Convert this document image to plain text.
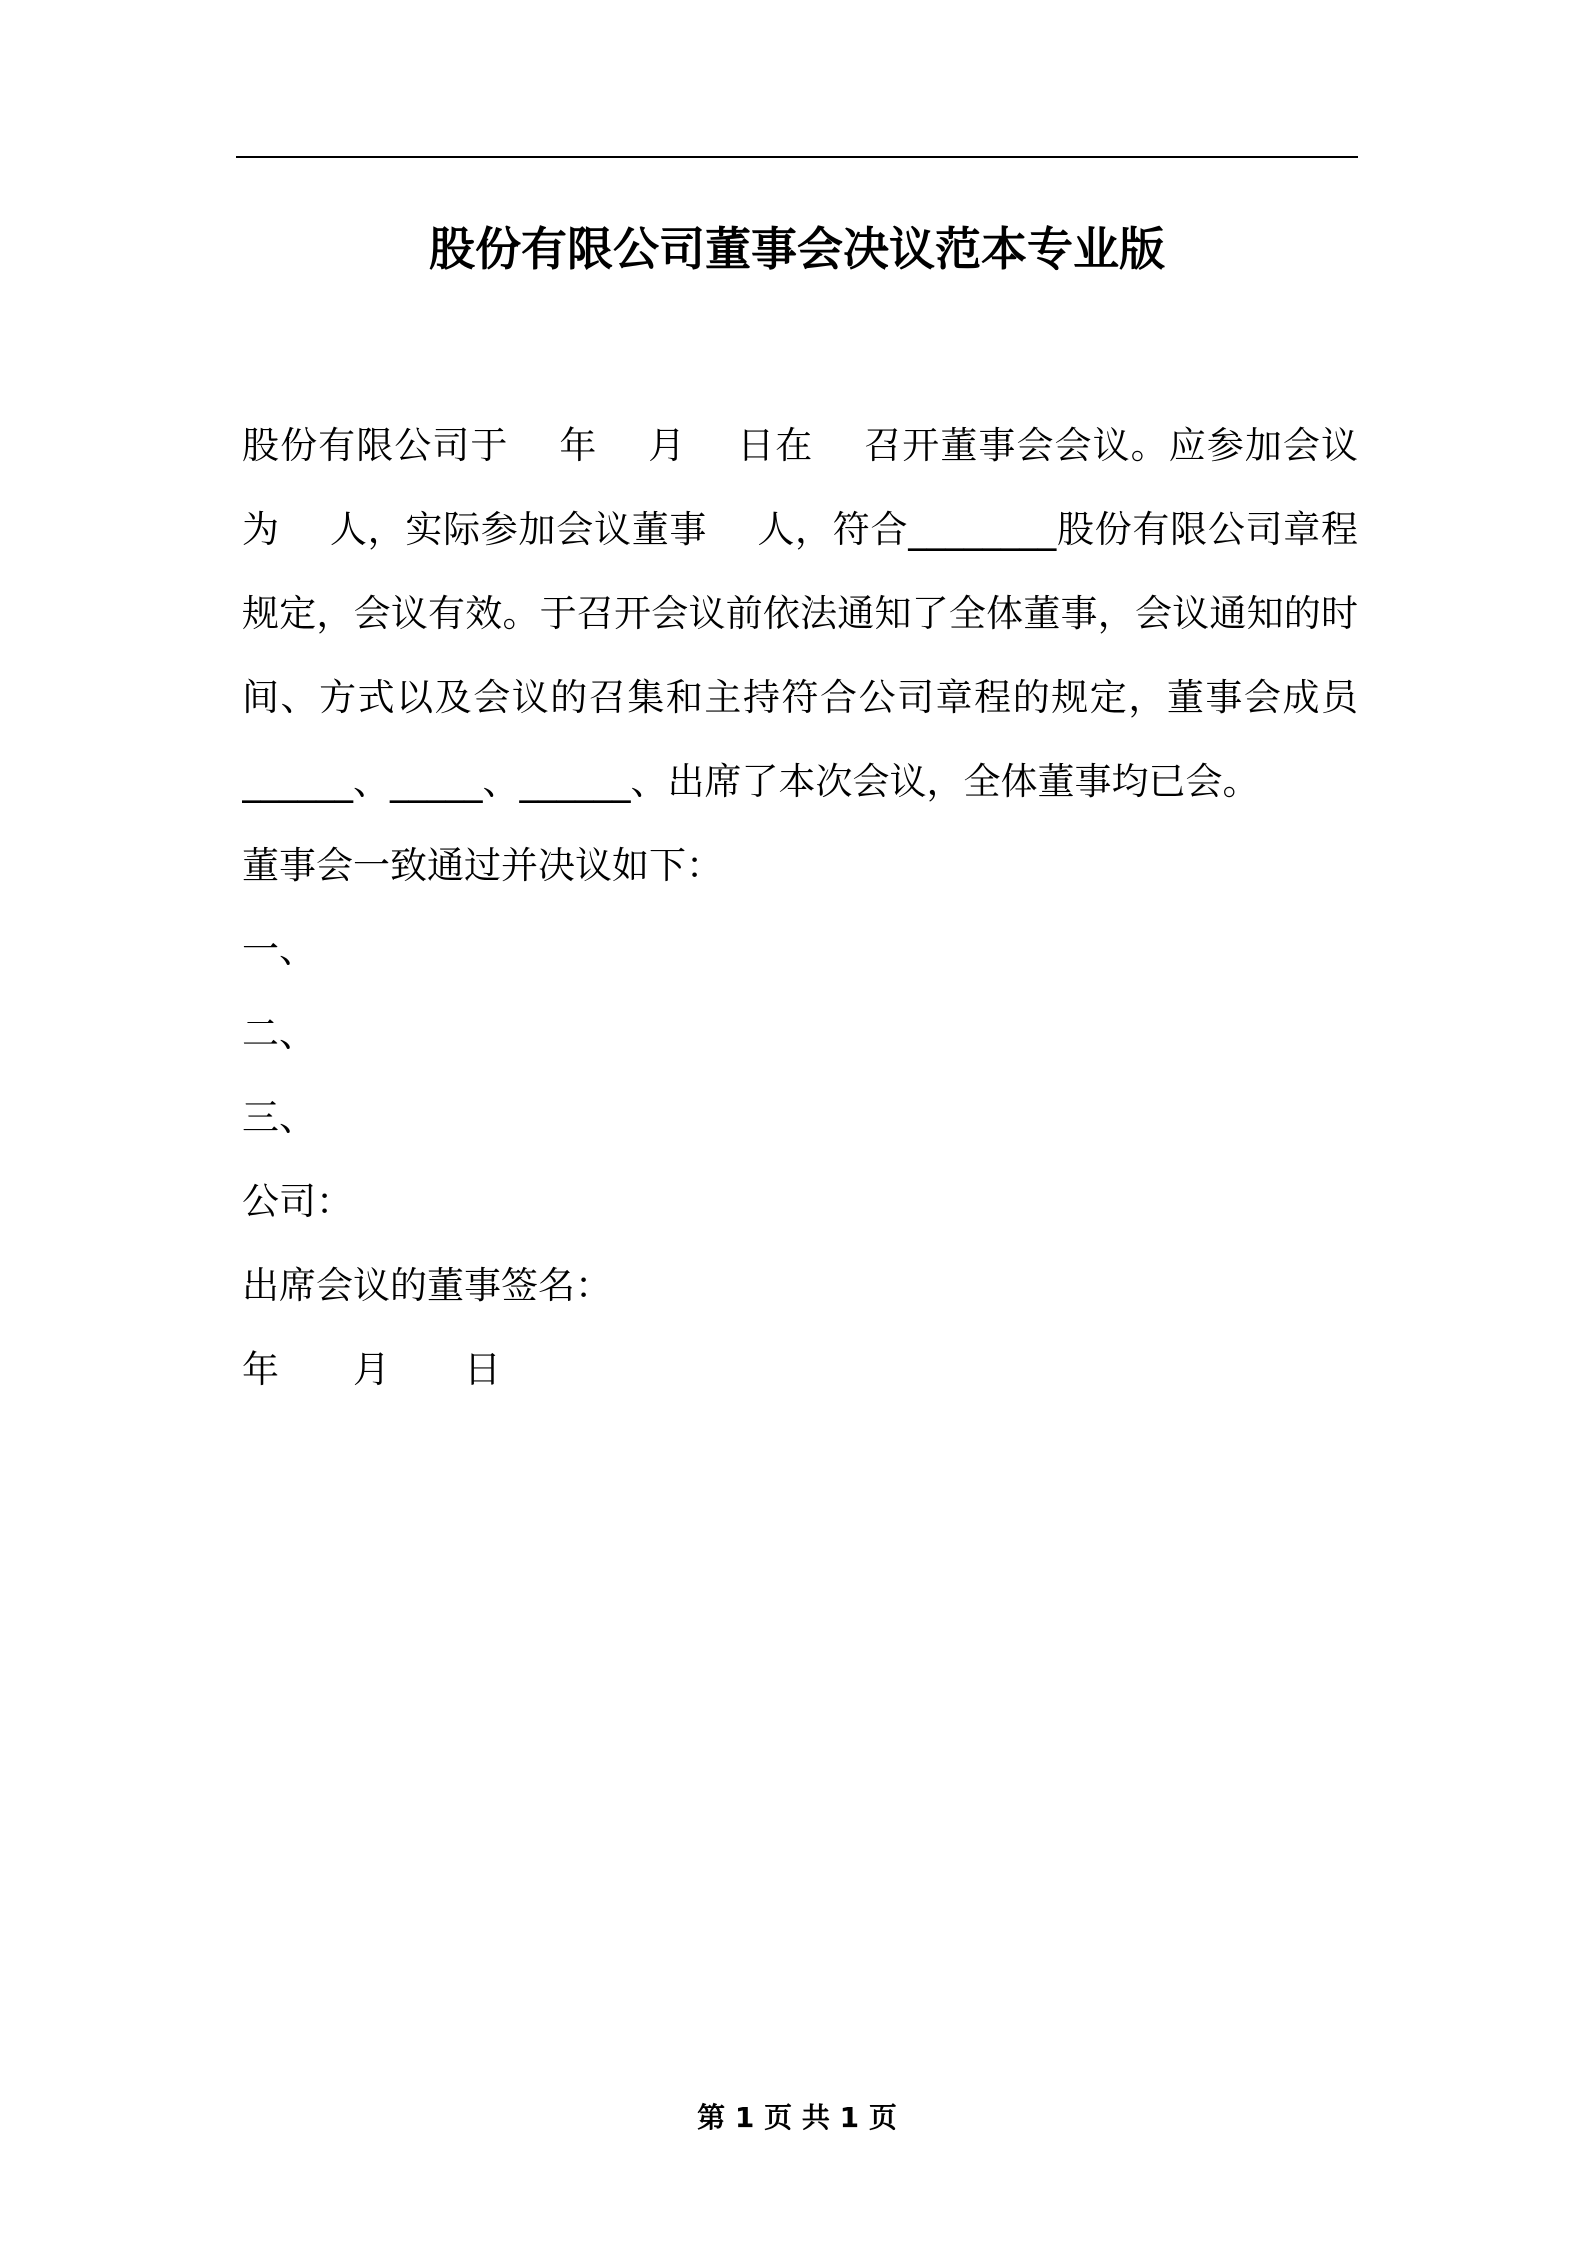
股份有限公司董事会决议范本专业版
股份有限公司于　 年　 月　 日在　 召开董事会会议。应参加会议
为　 人，实际参加会议董事　 人，符合________股份有限公司章程
规定，会议有效。于召开会议前依法通知了全体董事，会议通知的时
间、方式以及会议的召集和主持符合公司章程的规定，董事会成员
______、_____、______、出席了本次会议，全体董事均已会。
董事会一致通过并决议如下：
一、
二、
三、
公司：
出席会议的董事签名：
年　　月　　日
第 1 页 共 1 页
